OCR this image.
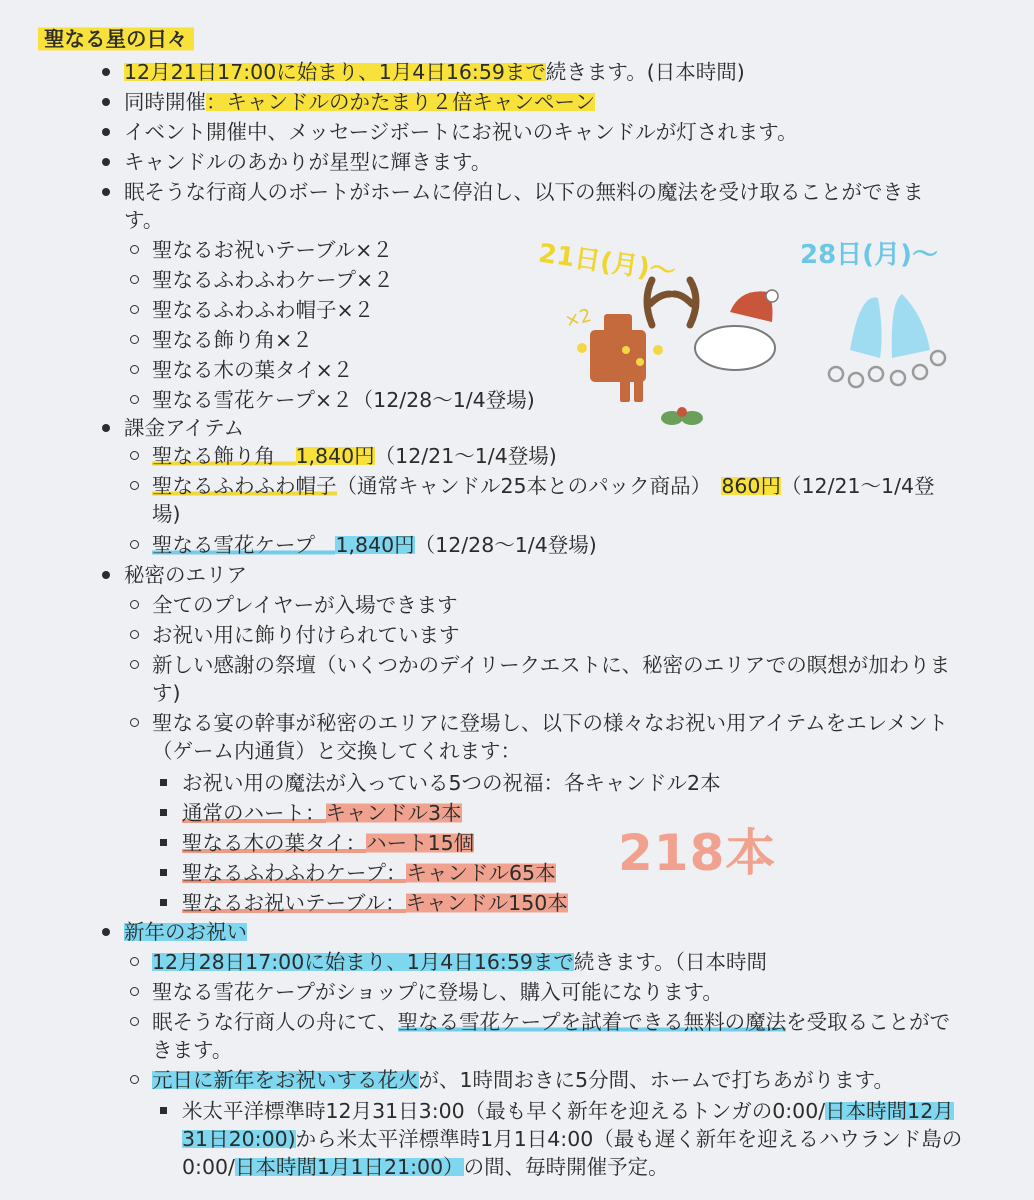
聖なる星の日々
12月21日17:00に始まり、1月4日16:59まで続きます。(日本時間)
同時開催：キャンドルのかたまり２倍キャンペーン
イベント開催中、メッセージボートにお祝いのキャンドルが灯されます。
キャンドルのあかりが星型に輝きます。
眠そうな行商人のボートがホームに停泊し、以下の無料の魔法を受け取ることができま
す。
聖なるお祝いテーブル×２
聖なるふわふわケープ×２
聖なるふわふわ帽子×２
聖なる飾り角×２
聖なる木の葉タイ×２
聖なる雪花ケープ×２（12/28〜1/4登場)
課金アイテム
聖なる飾り角　 1,840円（12/21〜1/4登場)
聖なるふわふわ帽子（通常キャンドル25本とのパック商品）　860円（12/21〜1/4登
場)
聖なる雪花ケープ　 1,840円（12/28〜1/4登場)
秘密のエリア
全てのプレイヤーが入場できます
お祝い用に飾り付けられています
新しい感謝の祭壇（いくつかのデイリークエストに、秘密のエリアでの瞑想が加わりま
す)
聖なる宴の幹事が秘密のエリアに登場し、以下の様々なお祝い用アイテムをエレメント
（ゲーム内通貨）と交換してくれます：
お祝い用の魔法が入っている5つの祝福：各キャンドル2本
通常のハート：キャンドル3本
聖なる木の葉タイ：ハート15個
聖なるふわふわケープ：キャンドル65本
聖なるお祝いテーブル：キャンドル150本
新年のお祝い
12月28日17:00に始まり、1月4日16:59まで続きます。（日本時間
聖なる雪花ケープがショップに登場し、購入可能になります。
眠そうな行商人の舟にて、聖なる雪花ケープを試着できる無料の魔法を受取ることがで
きます。
元日に新年をお祝いする花火が、1時間おきに5分間、ホームで打ちあがります。
米太平洋標準時12月31日3:00（最も早く新年を迎えるトンガの0:00/日本時間12月
31日20:00)から米太平洋標準時1月1日4:00（最も遅く新年を迎えるハウランド島の
0:00/日本時間1月1日21:00）の間、毎時開催予定。
21日(月)〜	28日(月)〜
×2
218本
